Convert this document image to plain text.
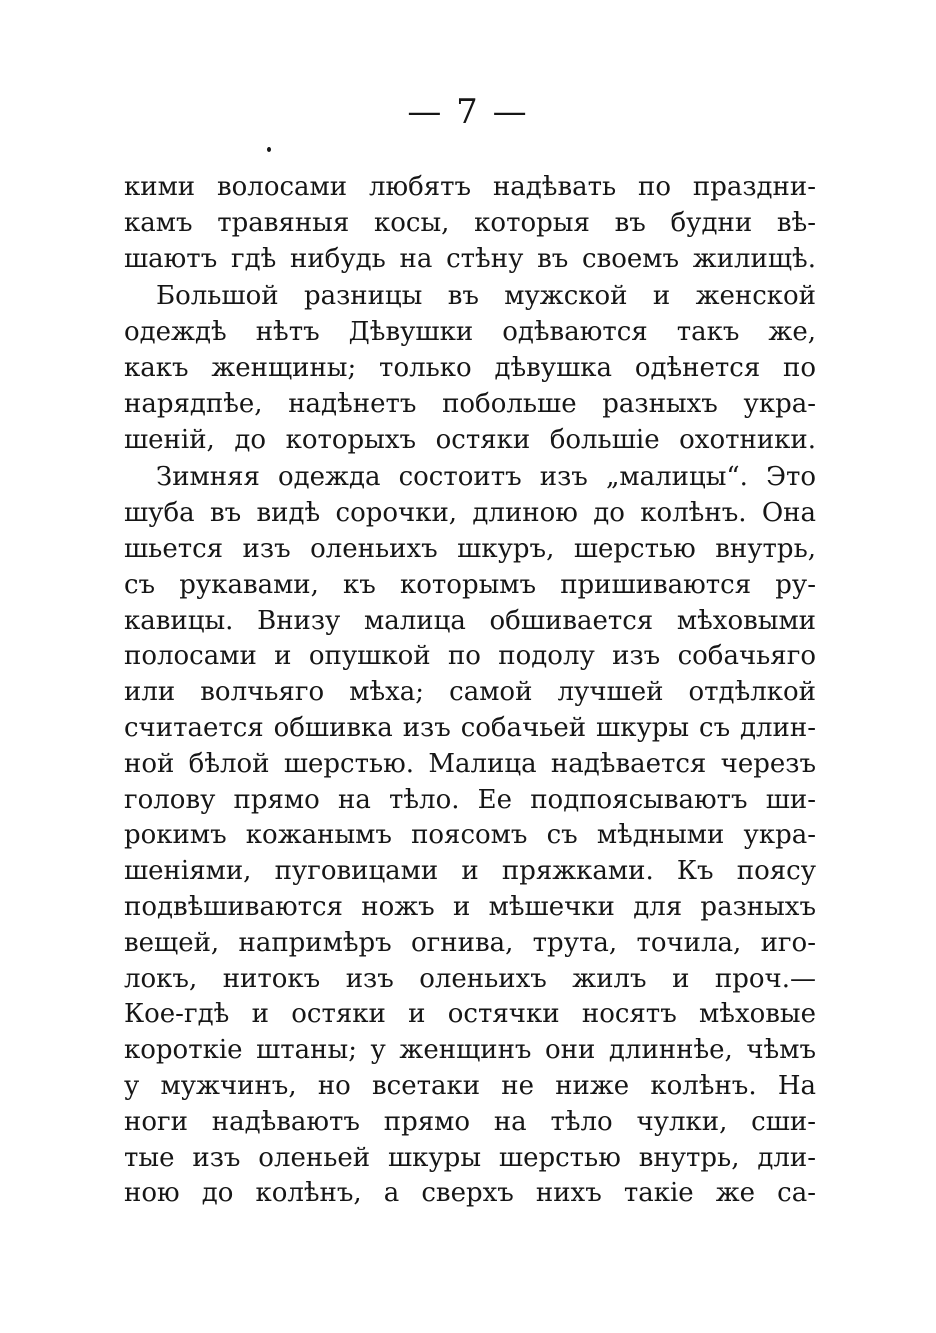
— 7 —
кими волосами любятъ надѣвать по праздни-
камъ травяныя косы, которыя въ будни вѣ-
шаютъ гдѣ нибудь на стѣну въ своемъ жилищѣ.
Большой разницы въ мужской и женской
одеждѣ нѣтъ Дѣвушки одѣваются такъ же,
какъ женщины; только дѣвушка одѣнется по
нарядпѣе, надѣнетъ побольше разныхъ укра-
шеній, до которыхъ остяки большіе охотники.
Зимняя одежда состоитъ изъ „малицы“. Это
шуба въ видѣ сорочки, длиною до колѣнъ. Она
шьется изъ оленьихъ шкуръ, шерстью внутрь,
съ рукавами, къ которымъ пришиваются ру-
кавицы. Внизу малица обшивается мѣховыми
полосами и опушкой по подолу изъ собачьяго
или волчьяго мѣха; самой лучшей отдѣлкой
считается обшивка изъ собачьей шкуры съ длин-
ной бѣлой шерстью. Малица надѣвается черезъ
голову прямо на тѣло. Ее подпоясываютъ ши-
рокимъ кожанымъ поясомъ съ мѣдными укра-
шеніями, пуговицами и пряжками. Къ поясу
подвѣшиваются ножъ и мѣшечки для разныхъ
вещей, напримѣръ огнива, трута, точила, иго-
локъ, нитокъ изъ оленьихъ жилъ и проч.—
Кое-гдѣ и остяки и остячки носятъ мѣховые
короткіе штаны; у женщинъ они длиннѣе, чѣмъ
у мужчинъ, но всетаки не ниже колѣнъ. На
ноги надѣваютъ прямо на тѣло чулки, сши-
тые изъ оленьей шкуры шерстью внутрь, дли-
ною до колѣнъ, а сверхъ нихъ такіе же са-
